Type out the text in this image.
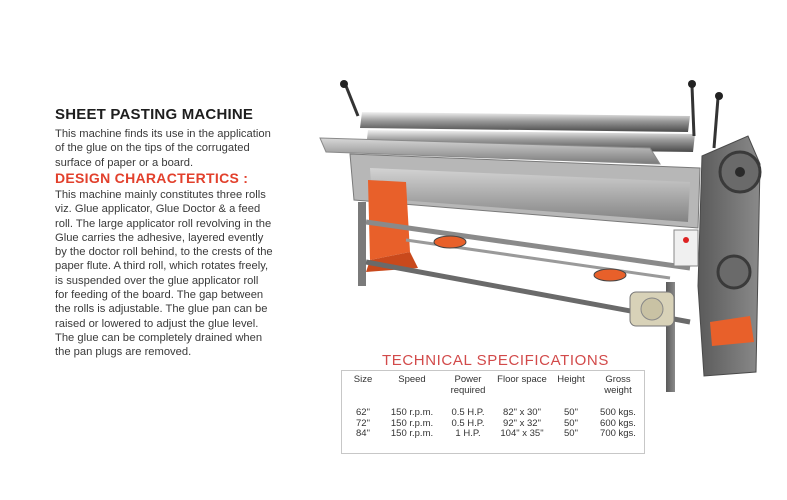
SHEET PASTING MACHINE
This machine finds its use in the application
of the glue on the tips of the corrugated
surface of paper or a board.
DESIGN CHARACTERTICS :
This machine mainly constitutes three rolls
viz. Glue applicator, Glue Doctor & a feed
roll. The large applicator roll revolving in the
Glue carries the adhesive, layered evently
by the doctor roll behind, to the crests of the
paper flute. A third roll, which rotates freely,
is suspended over the glue applicator roll
for feeding of the board. The gap between
the rolls is adjustable. The glue pan can be
raised or lowered to adjust the glue level.
The glue can be completely drained when
the pan plugs are removed.	TECHNICAL SPECIFICATIONS
Size	Speed	Power required	Floor space	Height	Gross weight
62"	150 r.p.m.	0.5 H.P.	82" x 30"	50"	500 kgs.
72"	150 r.p.m.	0.5 H.P.	92" x 32"	50"	600 kgs.
84"	150 r.p.m.	1 H.P.	104" x 35"	50"	700 kgs.
